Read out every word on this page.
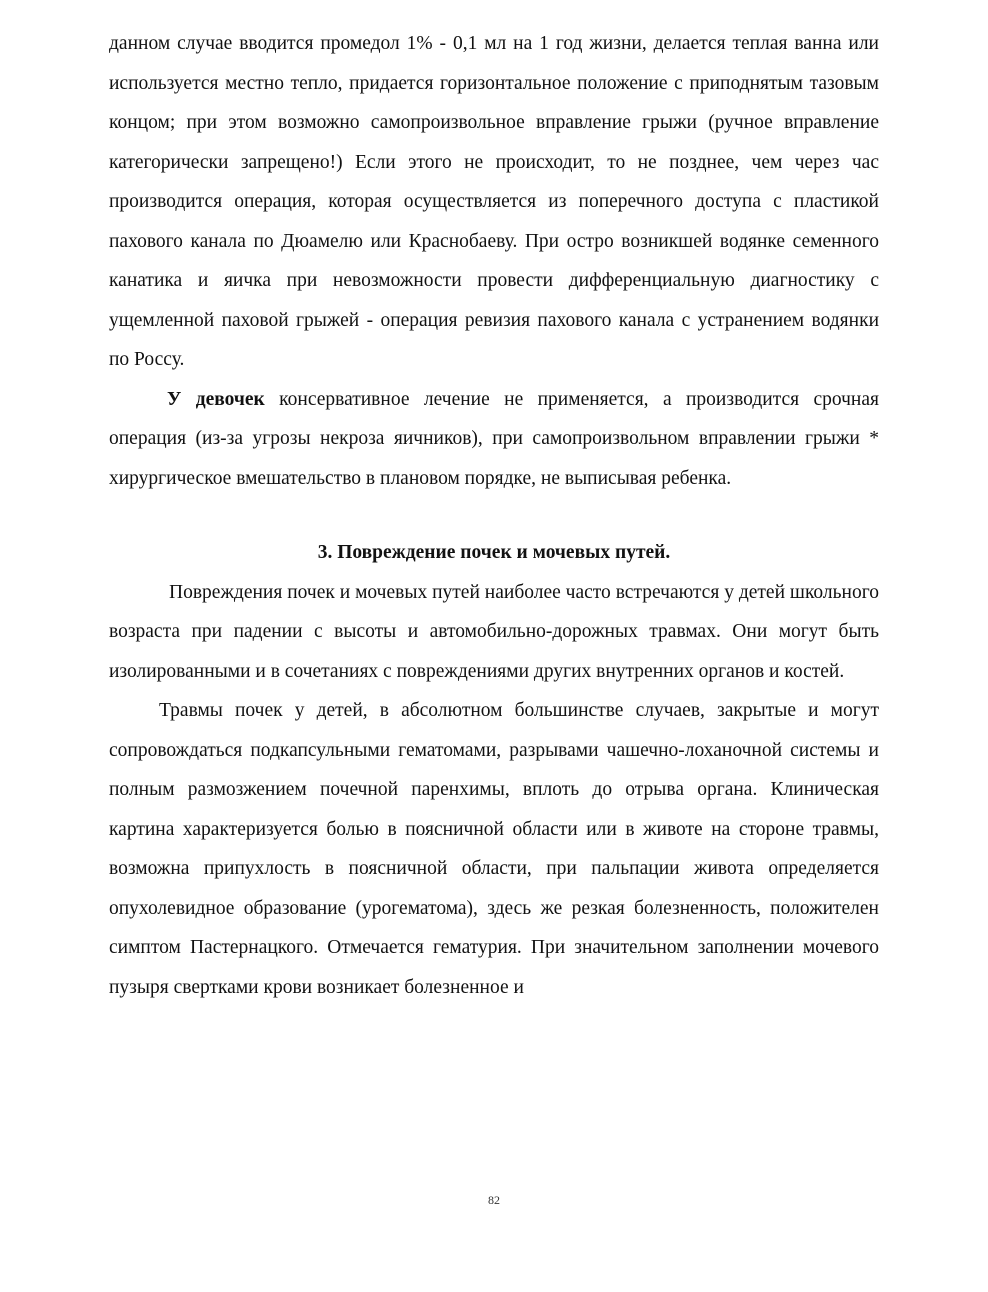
данном случае вводится промедол 1% - 0,1 мл на 1 год жизни, делается теплая ванна или используется местно тепло, придается горизонтальное положение с приподнятым тазовым концом; при этом возможно самопроизвольное вправление грыжи (ручное вправление категорически запрещено!) Если этого не происходит, то не позднее, чем через час производится операция, которая осуществляется из поперечного доступа с пластикой пахового канала по Дюамелю или Краснобаеву. При остро возникшей водянке семенного канатика и яичка при невозможности провести дифференциальную диагностику с ущемленной паховой грыжей - операция ревизия пахового канала с устранением водянки по Россу.

У девочек консервативное лечение не применяется, а производится срочная операция (из-за угрозы некроза яичников), при самопроизвольном вправлении грыжи * хирургическое вмешательство в плановом порядке, не выписывая ребенка.

3. Повреждение почек и мочевых путей.

Повреждения почек и мочевых путей наиболее часто встречаются у детей школьного возраста при падении с высоты и автомобильно-дорожных травмах. Они могут быть изолированными и в сочетаниях с повреждениями других внутренних органов и костей.

Травмы почек у детей, в абсолютном большинстве случаев, закрытые и могут сопровождаться подкапсульными гематомами, разрывами чашечно-лоханочной системы и полным размозжением почечной паренхимы, вплоть до отрыва органа. Клиническая картина характеризуется болью в поясничной области или в животе на стороне травмы, возможна припухлость в поясничной области, при пальпации живота определяется опухолевидное образование (урогематома), здесь же резкая болезненность, положителен симптом Пастернацкого. Отмечается гематурия. При значительном заполнении мочевого пузыря свертками крови возникает болезненное и

82
